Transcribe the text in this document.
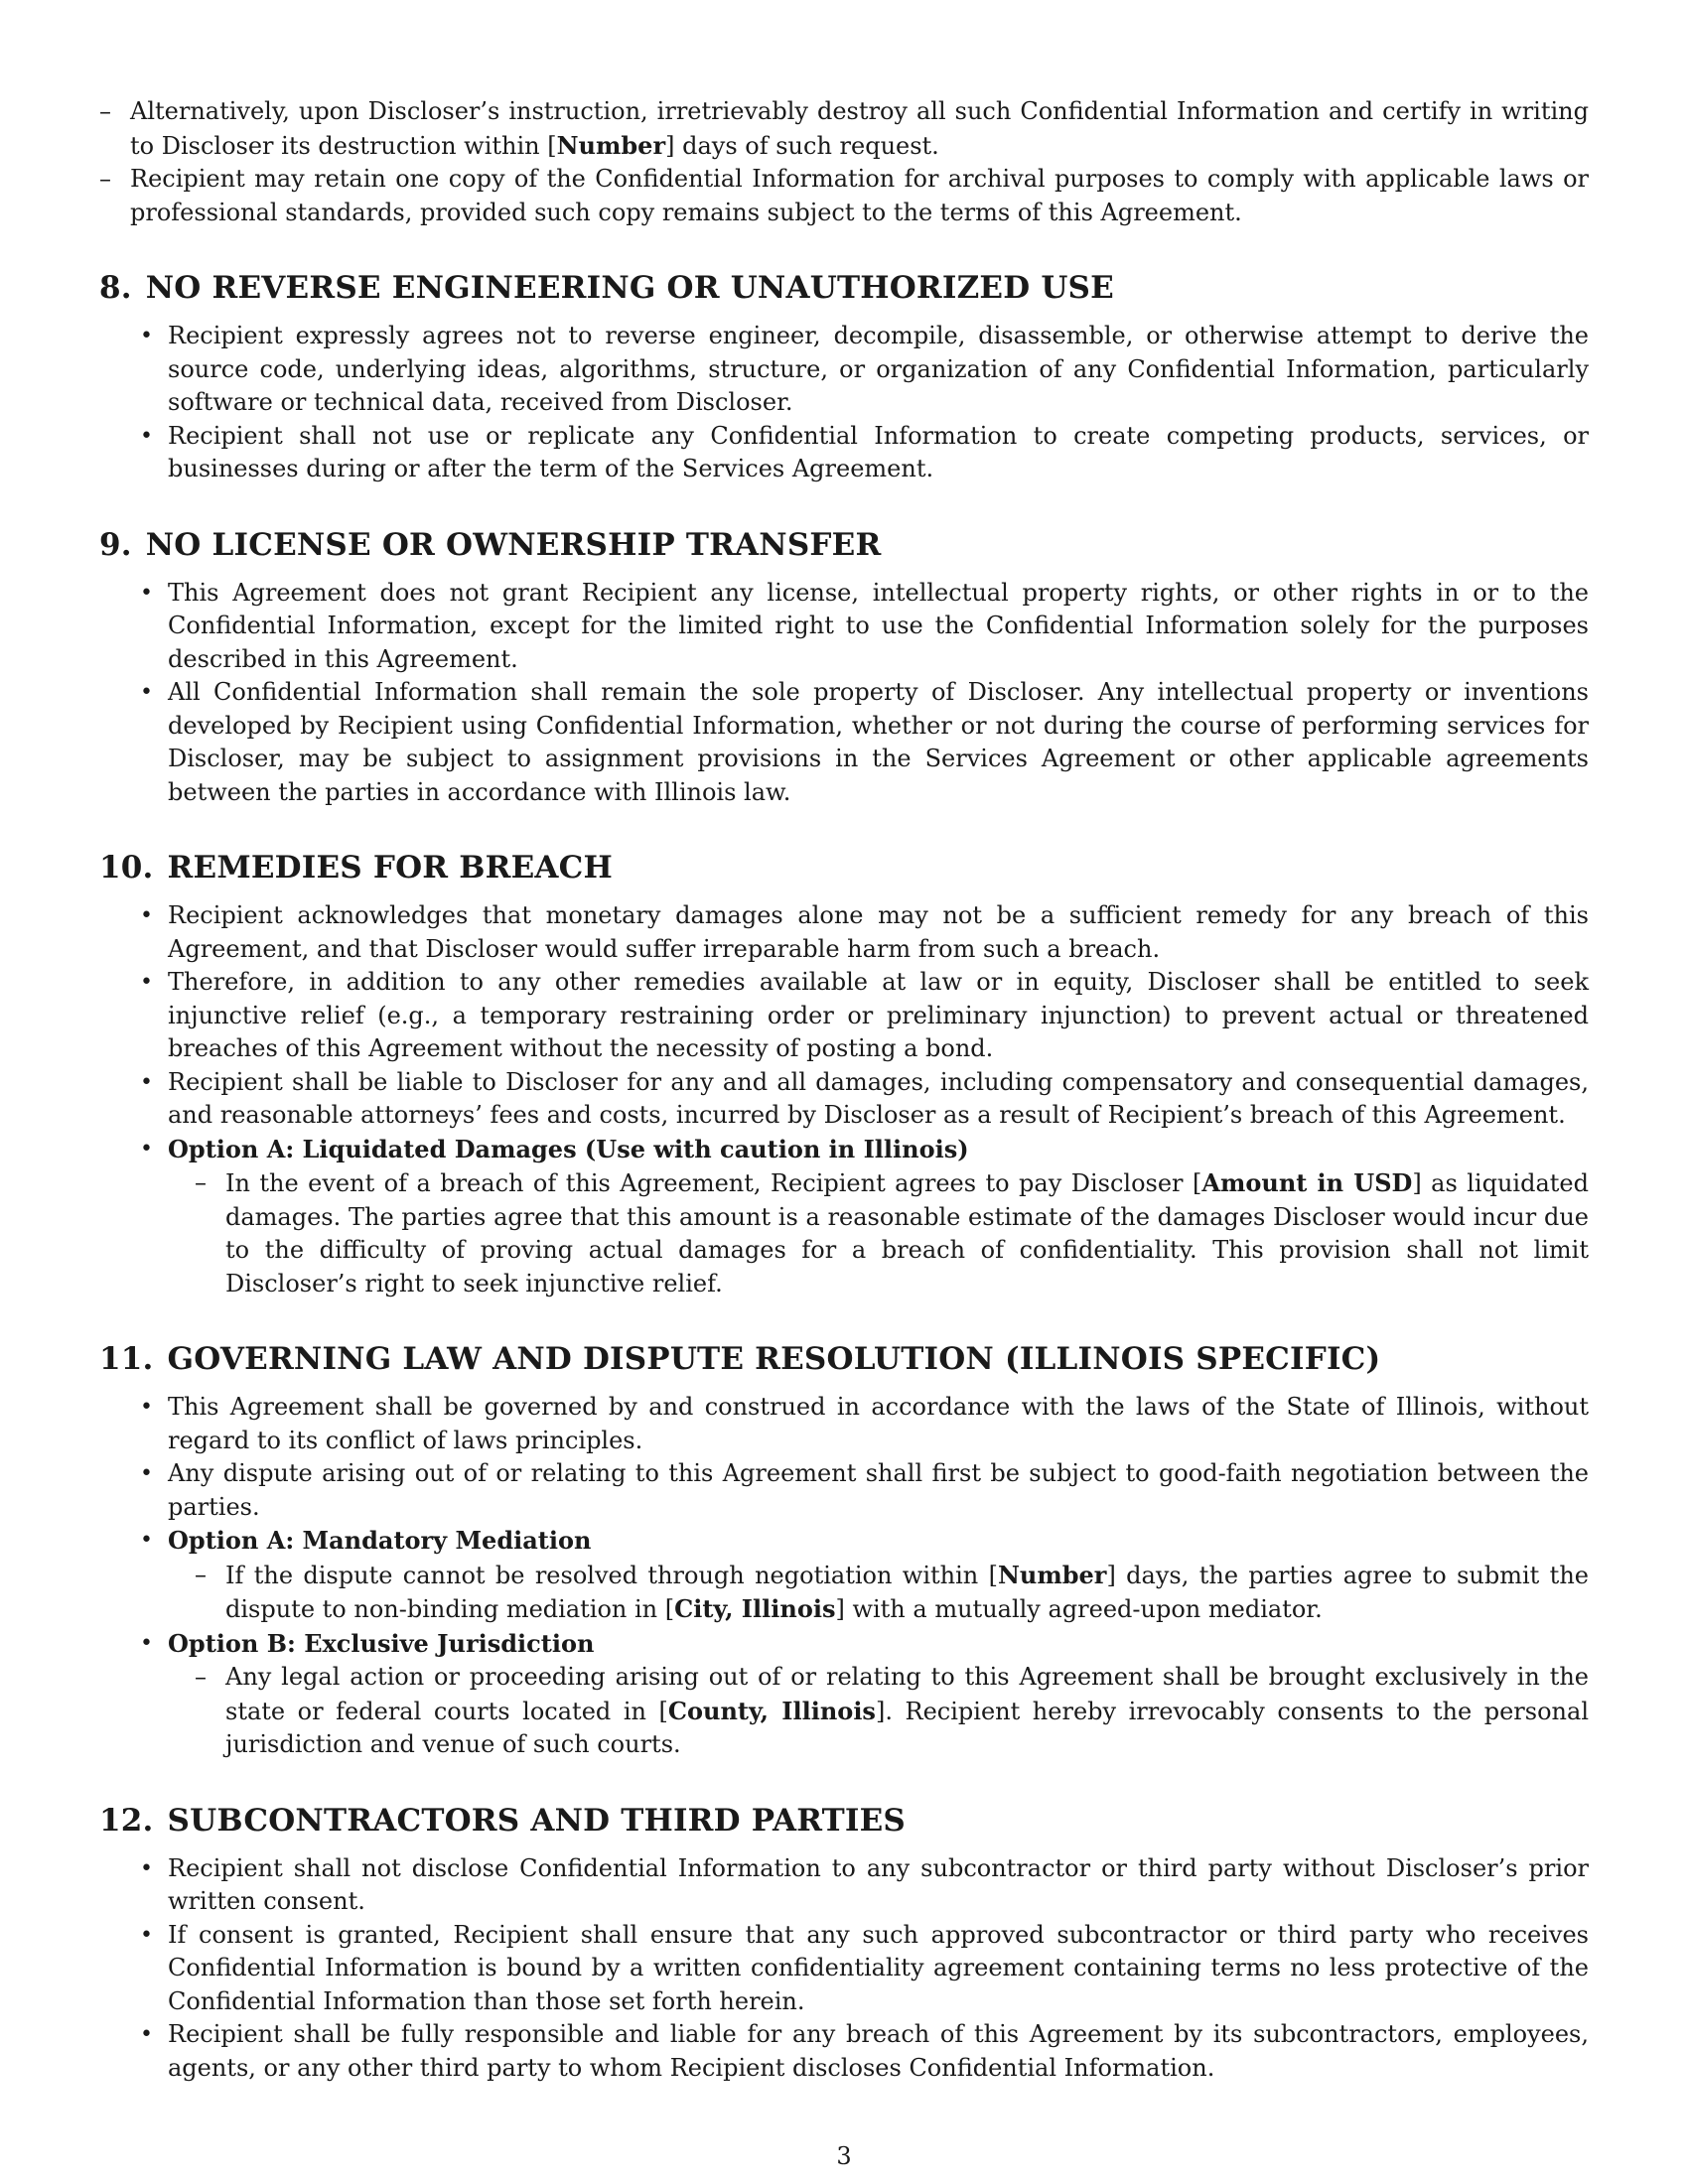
– Alternatively, upon Discloser’s instruction, irretrievably destroy all such Confidential Information and certify in writing to Discloser its destruction within [Number] days of such request.
– Recipient may retain one copy of the Confidential Information for archival purposes to comply with applicable laws or professional standards, provided such copy remains subject to the terms of this Agreement.
8. NO REVERSE ENGINEERING OR UNAUTHORIZED USE
• Recipient expressly agrees not to reverse engineer, decompile, disassemble, or otherwise attempt to derive the source code, underlying ideas, algorithms, structure, or organization of any Confidential Information, particularly software or technical data, received from Discloser.
• Recipient shall not use or replicate any Confidential Information to create competing products, services, or businesses during or after the term of the Services Agreement.
9. NO LICENSE OR OWNERSHIP TRANSFER
• This Agreement does not grant Recipient any license, intellectual property rights, or other rights in or to the Confidential Information, except for the limited right to use the Confidential Information solely for the purposes described in this Agreement.
• All Confidential Information shall remain the sole property of Discloser. Any intellectual property or inventions developed by Recipient using Confidential Information, whether or not during the course of performing services for Discloser, may be subject to assignment provisions in the Services Agreement or other applicable agreements between the parties in accordance with Illinois law.
10. REMEDIES FOR BREACH
• Recipient acknowledges that monetary damages alone may not be a sufficient remedy for any breach of this Agreement, and that Discloser would suffer irreparable harm from such a breach.
• Therefore, in addition to any other remedies available at law or in equity, Discloser shall be entitled to seek injunctive relief (e.g., a temporary restraining order or preliminary injunction) to prevent actual or threatened breaches of this Agreement without the necessity of posting a bond.
• Recipient shall be liable to Discloser for any and all damages, including compensatory and consequential damages, and reasonable attorneys’ fees and costs, incurred by Discloser as a result of Recipient’s breach of this Agreement.
• Option A: Liquidated Damages (Use with caution in Illinois)
– In the event of a breach of this Agreement, Recipient agrees to pay Discloser [Amount in USD] as liquidated damages. The parties agree that this amount is a reasonable estimate of the damages Discloser would incur due to the difficulty of proving actual damages for a breach of confidentiality. This provision shall not limit Discloser’s right to seek injunctive relief.
11. GOVERNING LAW AND DISPUTE RESOLUTION (ILLINOIS SPECIFIC)
• This Agreement shall be governed by and construed in accordance with the laws of the State of Illinois, without regard to its conflict of laws principles.
• Any dispute arising out of or relating to this Agreement shall first be subject to good-faith negotiation between the parties.
• Option A: Mandatory Mediation
– If the dispute cannot be resolved through negotiation within [Number] days, the parties agree to submit the dispute to non-binding mediation in [City, Illinois] with a mutually agreed-upon mediator.
• Option B: Exclusive Jurisdiction
– Any legal action or proceeding arising out of or relating to this Agreement shall be brought exclusively in the state or federal courts located in [County, Illinois]. Recipient hereby irrevocably consents to the personal jurisdiction and venue of such courts.
12. SUBCONTRACTORS AND THIRD PARTIES
• Recipient shall not disclose Confidential Information to any subcontractor or third party without Discloser’s prior written consent.
• If consent is granted, Recipient shall ensure that any such approved subcontractor or third party who receives Confidential Information is bound by a written confidentiality agreement containing terms no less protective of the Confidential Information than those set forth herein.
• Recipient shall be fully responsible and liable for any breach of this Agreement by its subcontractors, employees, agents, or any other third party to whom Recipient discloses Confidential Information.
3
